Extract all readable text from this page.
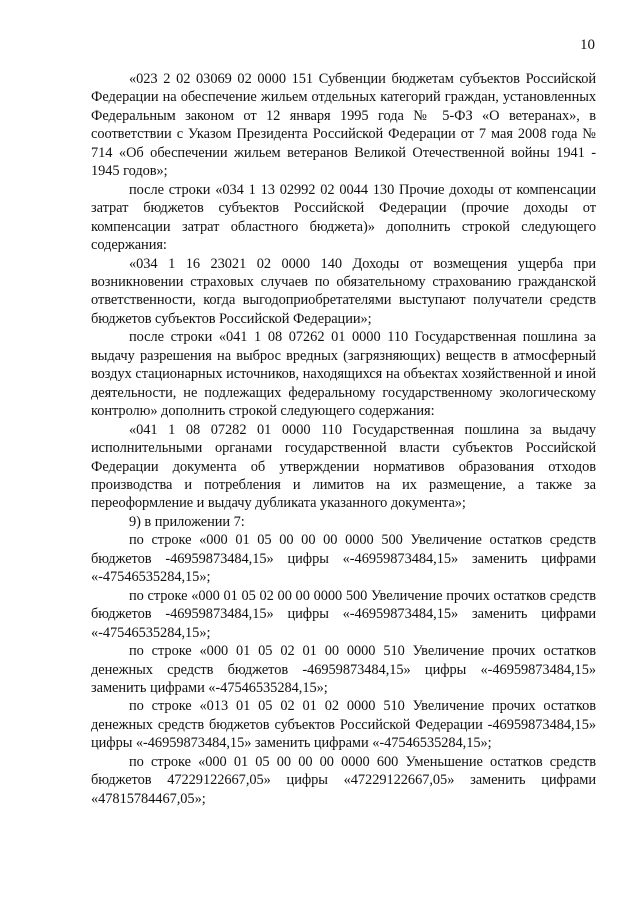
10

«023 2 02 03069 02 0000 151 Субвенции бюджетам субъектов Российской Федерации на обеспечение жильем отдельных категорий граждан, установленных Федеральным законом от 12 января 1995 года № 5-ФЗ «О ветеранах», в соответствии с Указом Президента Российской Федерации от 7 мая 2008 года № 714 «Об обеспечении жильем ветеранов Великой Отечественной войны 1941 - 1945 годов»;

после строки «034 1 13 02992 02 0044 130 Прочие доходы от компенсации затрат бюджетов субъектов Российской Федерации (прочие доходы от компенсации затрат областного бюджета)» дополнить строкой следующего содержания:

«034 1 16 23021 02 0000 140 Доходы от возмещения ущерба при возникновении страховых случаев по обязательному страхованию гражданской ответственности, когда выгодоприобретателями выступают получатели средств бюджетов субъектов Российской Федерации»;

после строки «041 1 08 07262 01 0000 110 Государственная пошлина за выдачу разрешения на выброс вредных (загрязняющих) веществ в атмосферный воздух стационарных источников, находящихся на объектах хозяйственной и иной деятельности, не подлежащих федеральному государственному экологическому контролю» дополнить строкой следующего содержания:

«041 1 08 07282 01 0000 110 Государственная пошлина за выдачу исполнительными органами государственной власти субъектов Российской Федерации документа об утверждении нормативов образования отходов производства и потребления и лимитов на их размещение, а также за переоформление и выдачу дубликата указанного документа»;

9) в приложении 7:

по строке «000 01 05 00 00 00 0000 500 Увеличение остатков средств бюджетов -46959873484,15» цифры «-46959873484,15» заменить цифрами «-47546535284,15»;

по строке «000 01 05 02 00 00 0000 500 Увеличение прочих остатков средств бюджетов -46959873484,15» цифры «-46959873484,15» заменить цифрами «-47546535284,15»;

по строке «000 01 05 02 01 00 0000 510 Увеличение прочих остатков денежных средств бюджетов -46959873484,15» цифры «-46959873484,15» заменить цифрами «-47546535284,15»;

по строке «013 01 05 02 01 02 0000 510 Увеличение прочих остатков денежных средств бюджетов субъектов Российской Федерации -46959873484,15» цифры «-46959873484,15» заменить цифрами «-47546535284,15»;

по строке «000 01 05 00 00 00 0000 600 Уменьшение остатков средств бюджетов 47229122667,05» цифры «47229122667,05» заменить цифрами «47815784467,05»;
